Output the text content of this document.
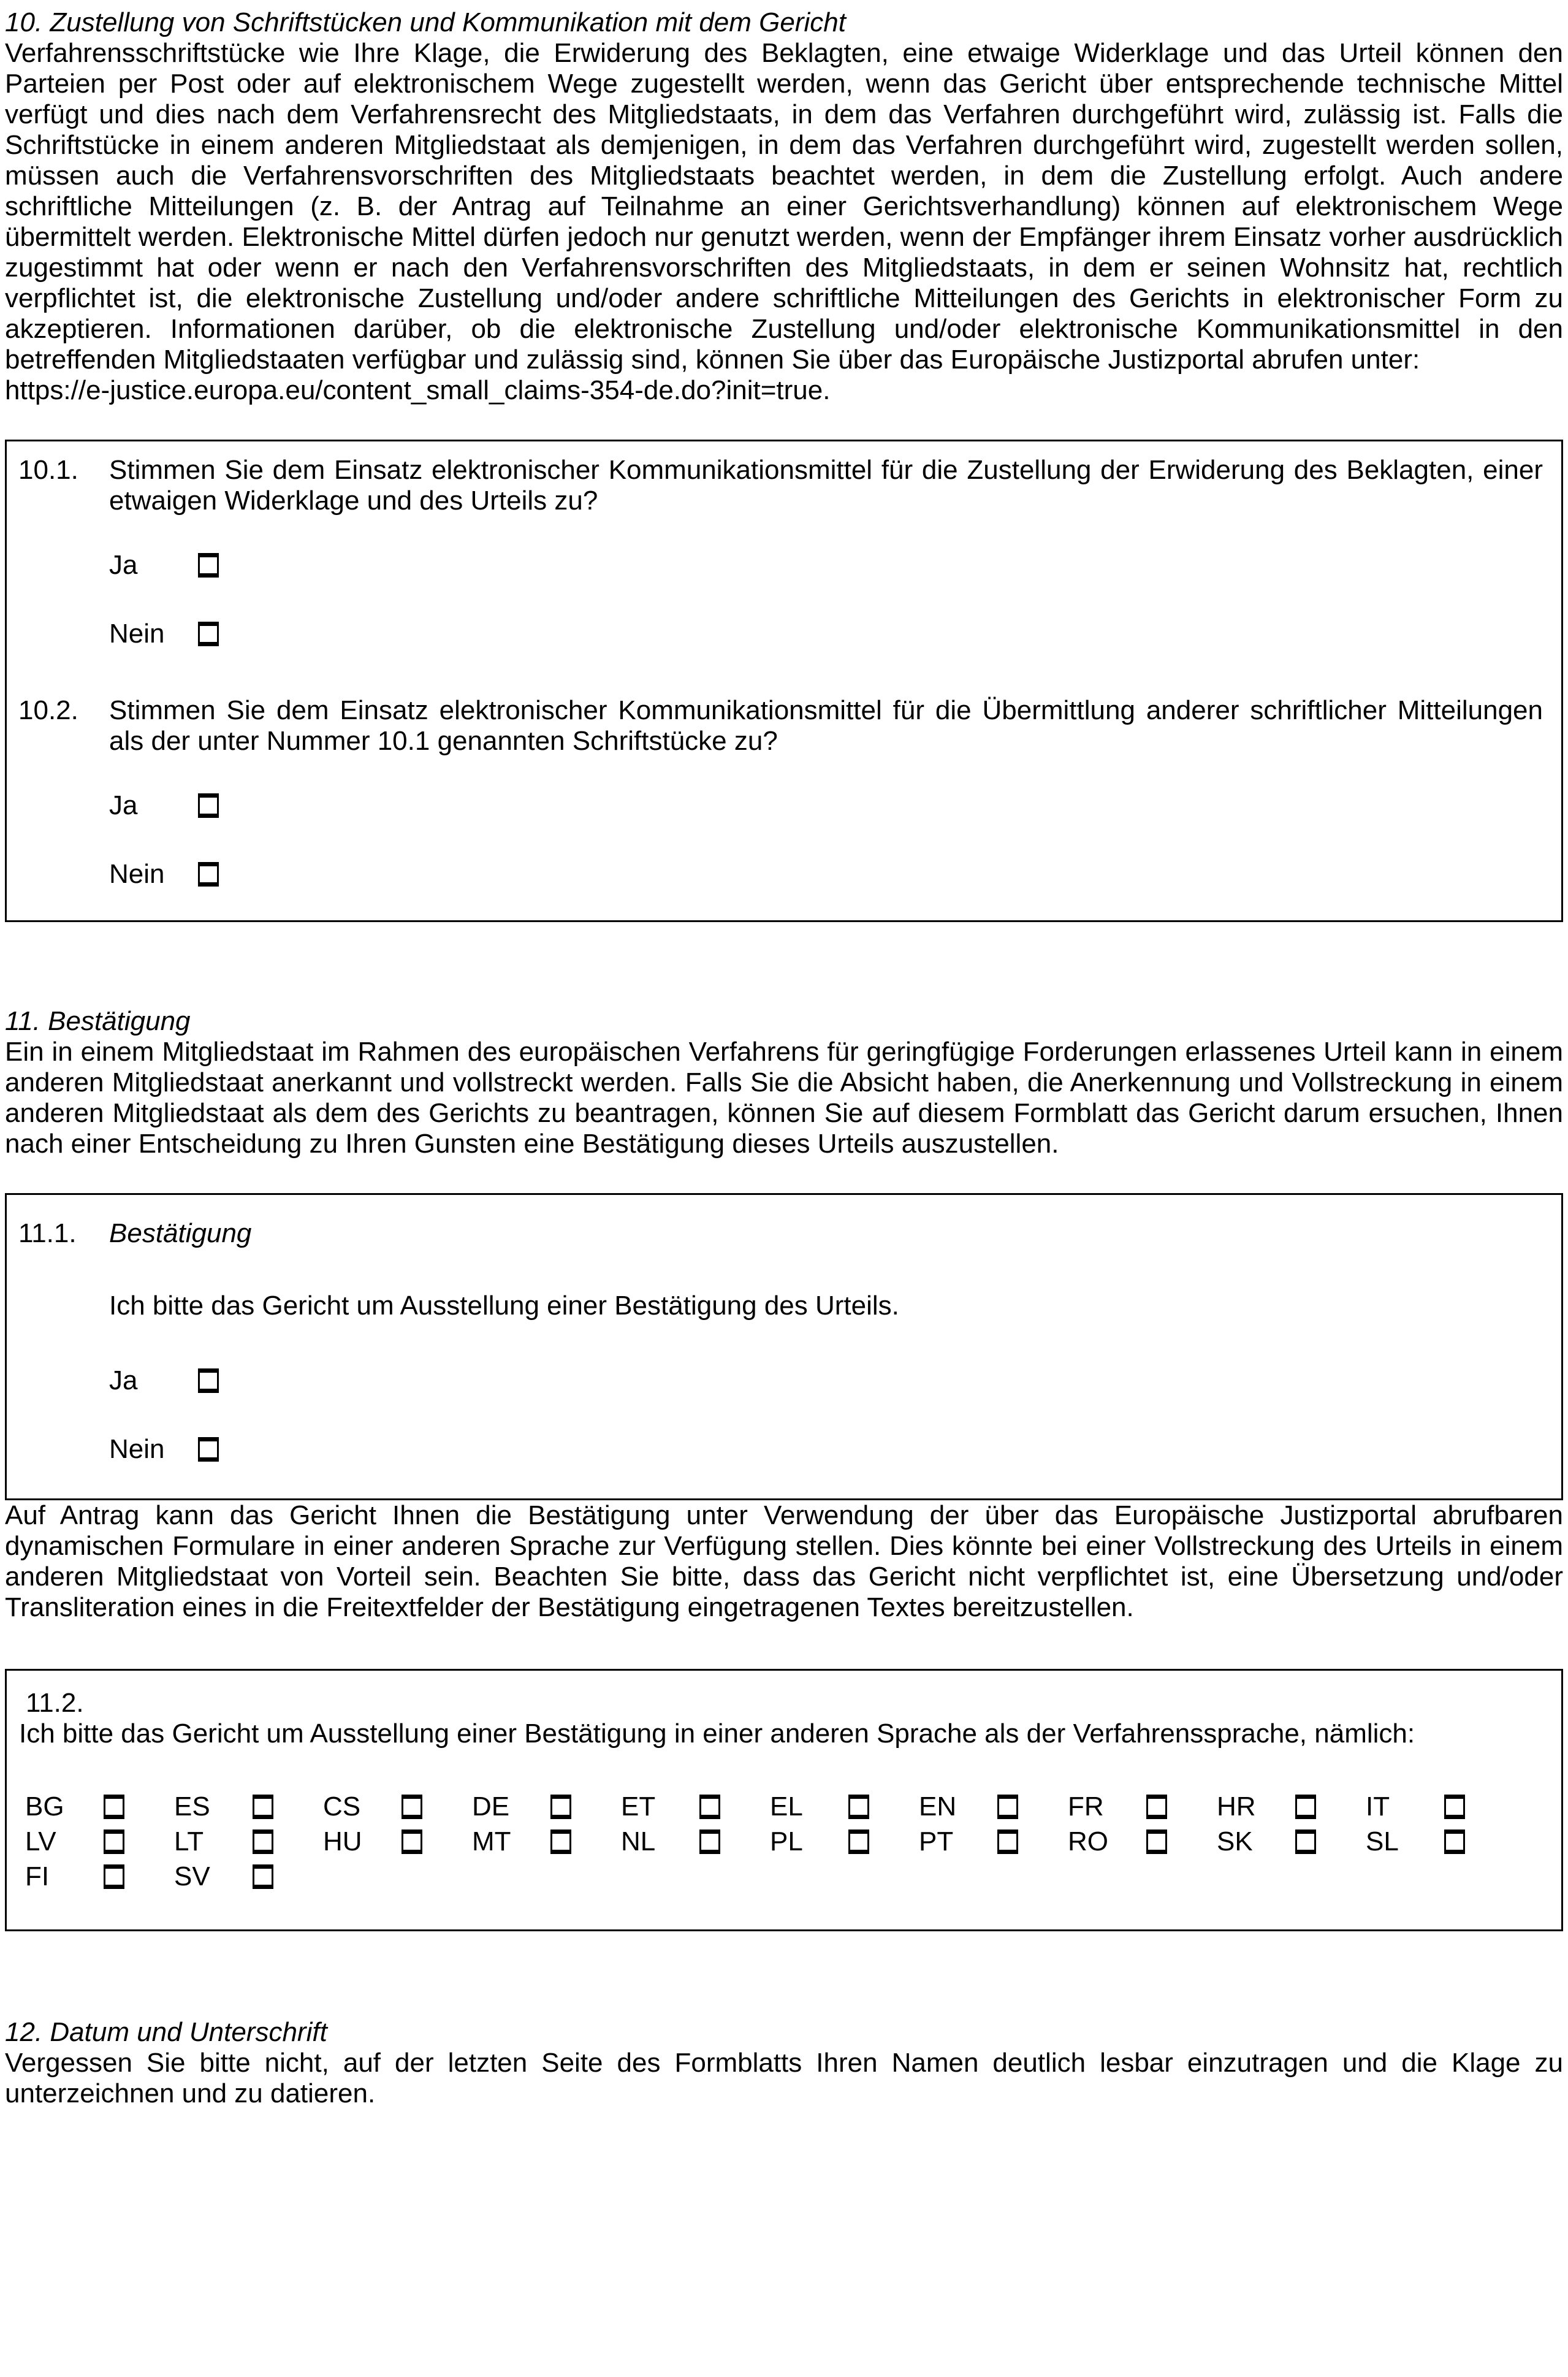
10. Zustellung von Schriftstücken und Kommunikation mit dem Gericht

Verfahrensschriftstücke wie Ihre Klage, die Erwiderung des Beklagten, eine etwaige Widerklage und das Urteil können den Parteien per Post oder auf elektronischem Wege zugestellt werden, wenn das Gericht über entsprechende technische Mittel verfügt und dies nach dem Verfahrensrecht des Mitgliedstaats, in dem das Verfahren durchgeführt wird, zulässig ist. Falls die Schriftstücke in einem anderen Mitgliedstaat als demjenigen, in dem das Verfahren durchgeführt wird, zugestellt werden sollen, müssen auch die Verfahrensvorschriften des Mitgliedstaats beachtet werden, in dem die Zustellung erfolgt. Auch andere schriftliche Mitteilungen (z. B. der Antrag auf Teilnahme an einer Gerichtsverhandlung) können auf elektronischem Wege übermittelt werden. Elektronische Mittel dürfen jedoch nur genutzt werden, wenn der Empfänger ihrem Einsatz vorher ausdrücklich zugestimmt hat oder wenn er nach den Verfahrensvorschriften des Mitgliedstaats, in dem er seinen Wohnsitz hat, rechtlich verpflichtet ist, die elektronische Zustellung und/oder andere schriftliche Mitteilungen des Gerichts in elektronischer Form zu akzeptieren. Informationen darüber, ob die elektronische Zustellung und/oder elektronische Kommunikationsmittel in den betreffenden Mitgliedstaaten verfügbar und zulässig sind, können Sie über das Europäische Justizportal abrufen unter:

https://e-justice.europa.eu/content_small_claims-354-de.do?init=true.

10.1.	Stimmen Sie dem Einsatz elektronischer Kommunikationsmittel für die Zustellung der Erwiderung des Beklagten, einer etwaigen Widerklage und des Urteils zu?
Ja
Nein
10.2.	Stimmen Sie dem Einsatz elektronischer Kommunikationsmittel für die Übermittlung anderer schriftlicher Mitteilungen als der unter Nummer 10.1 genannten Schriftstücke zu?
Ja
Nein
11. Bestätigung

Ein in einem Mitgliedstaat im Rahmen des europäischen Verfahrens für geringfügige Forderungen erlassenes Urteil kann in einem anderen Mitgliedstaat anerkannt und vollstreckt werden. Falls Sie die Absicht haben, die Anerkennung und Vollstreckung in einem anderen Mitgliedstaat als dem des Gerichts zu beantragen, können Sie auf diesem Formblatt das Gericht darum ersuchen, Ihnen nach einer Entscheidung zu Ihren Gunsten eine Bestätigung dieses Urteils auszustellen.

11.1.	Bestätigung
Ich bitte das Gericht um Ausstellung einer Bestätigung des Urteils.
Ja
Nein

Auf Antrag kann das Gericht Ihnen die Bestätigung unter Verwendung der über das Europäische Justizportal abrufbaren dynamischen Formulare in einer anderen Sprache zur Verfügung stellen. Dies könnte bei einer Vollstreckung des Urteils in einem anderen Mitgliedstaat von Vorteil sein. Beachten Sie bitte, dass das Gericht nicht verpflichtet ist, eine Übersetzung und/oder Transliteration eines in die Freitextfelder der Bestätigung eingetragenen Textes bereitzustellen.

11.2.

Ich bitte das Gericht um Ausstellung einer Bestätigung in einer anderen Sprache als der Verfahrenssprache, nämlich:

BG	ES	CS	DE	ET	EL	EN	FR	HR	IT
LV	LT	HU	MT	NL	PL	PT	RO	SK	SL
FI	SV
12. Datum und Unterschrift

Vergessen Sie bitte nicht, auf der letzten Seite des Formblatts Ihren Namen deutlich lesbar einzutragen und die Klage zu unterzeichnen und zu datieren.
